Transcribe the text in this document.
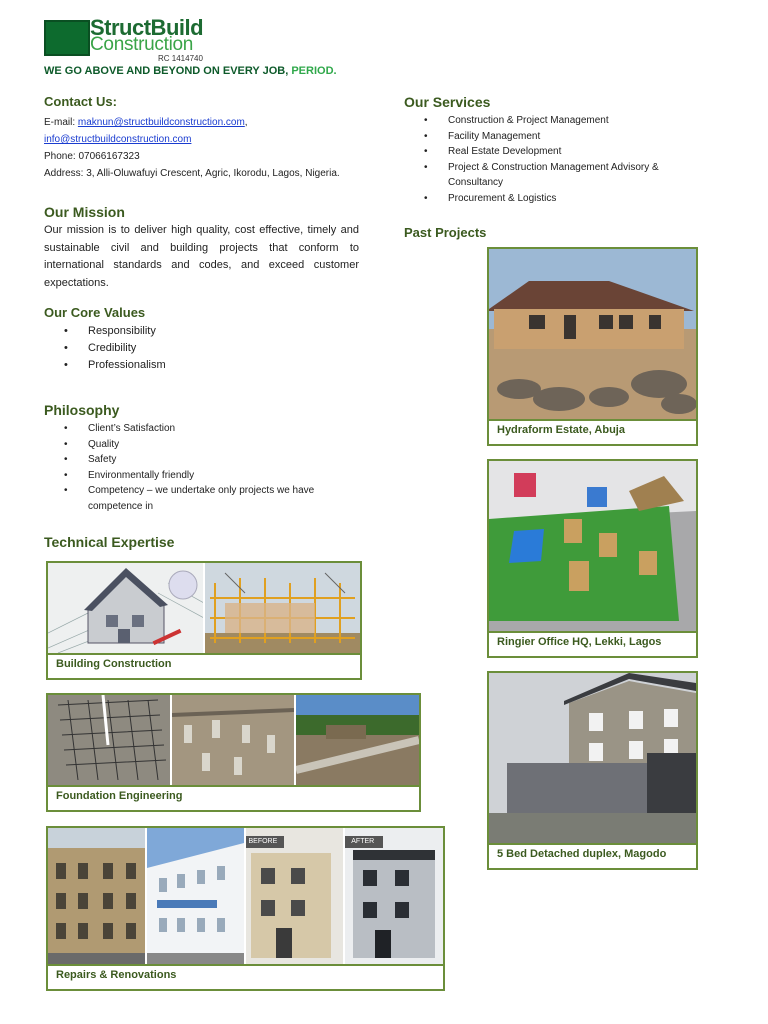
StructBuild
Construction
RC 1414740
WE GO ABOVE AND BEYOND ON EVERY JOB, PERIOD.
Contact Us:
E-mail: maknun@structbuildconstruction.com,
info@structbuildconstruction.com
Phone: 07066167323
Address: 3, Alli-Oluwafuyi Crescent, Agric, Ikorodu, Lagos, Nigeria.
Our Mission
Our mission is to deliver high quality, cost effective, timely and sustainable civil and building projects that conform to international standards and codes, and exceed customer expectations.
Our Core Values
• Responsibility
• Credibility
• Professionalism
Philosophy
• Client’s Satisfaction
• Quality
• Safety
• Environmentally friendly
• Competency – we undertake only projects we have competence in
Technical Expertise
Building Construction
Foundation Engineering
BEFORE	AFTER
Repairs & Renovations
Our Services
• Construction & Project Management
• Facility Management
• Real Estate Development
• Project & Construction Management Advisory & Consultancy
• Procurement & Logistics
Past Projects
Hydraform Estate, Abuja
Ringier Office HQ, Lekki, Lagos
5 Bed Detached duplex, Magodo
